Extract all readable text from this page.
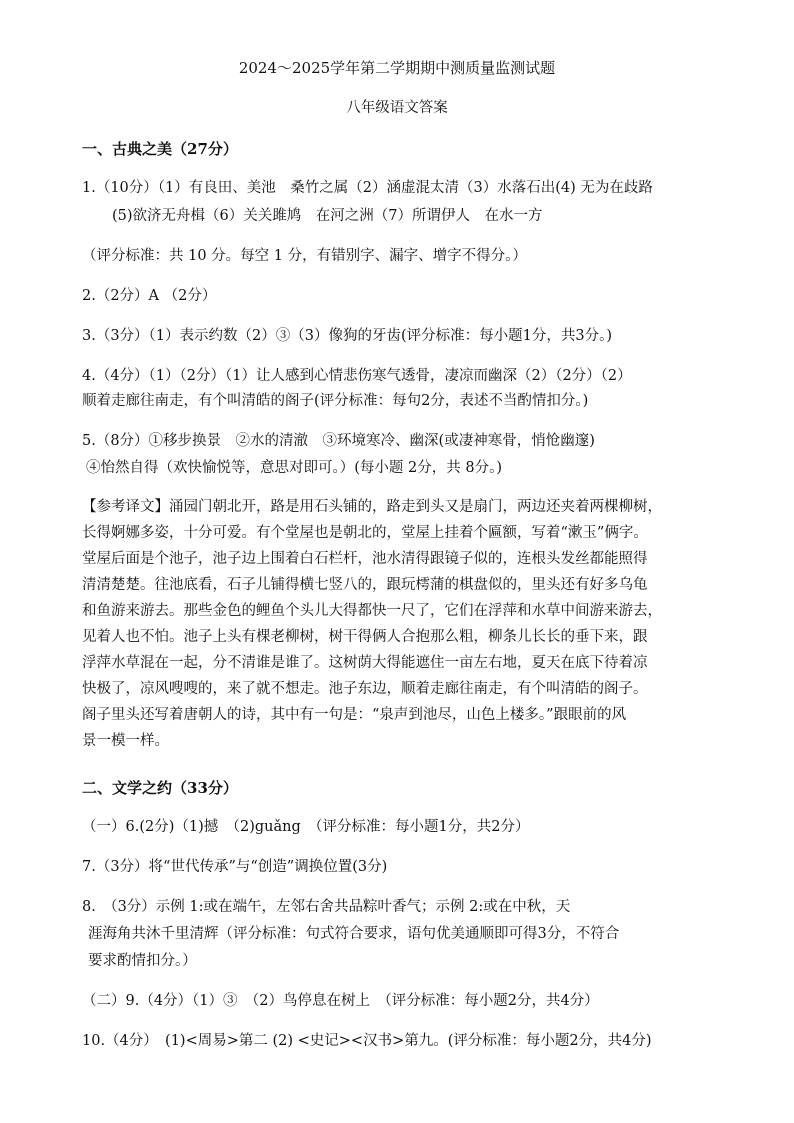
2024～2025学年第二学期期中测质量监测试题
八年级语文答案
一、古典之美（27分）
1.（10分）（1）有良田、美池　桑竹之属（2）涵虚混太清（3）水落石出(4) 无为在歧路
(5)欲济无舟楫（6）关关雎鸠　在河之洲（7）所谓伊人　在水一方
（评分标准：共 10 分。每空 1 分，有错别字、漏字、增字不得分。）
2.（2分）A （2分）
3.（3分）（1）表示约数（2）③（3）像狗的牙齿(评分标准：每小题1分，共3分。)
4.（4分）（1）（2分）（1）让人感到心情悲伤寒气透骨，凄凉而幽深（2）（2分）（2）
顺着走廊往南走，有个叫清皓的阁子(评分标准：每句2分，表述不当酌情扣分。)
5.（8分）①移步换景　②水的清澈　③环境寒冷、幽深(或凄神寒骨，悄怆幽邃)
④怡然自得（欢快愉悦等，意思对即可。）(每小题 2分，共 8分。)
【参考译文】涌园门朝北开，路是用石头铺的，路走到头又是扇门，两边还夹着两棵柳树，
长得婀娜多姿，十分可爱。有个堂屋也是朝北的，堂屋上挂着个匾额，写着“漱玉”俩字。
堂屋后面是个池子，池子边上围着白石栏杆，池水清得跟镜子似的，连根头发丝都能照得
清清楚楚。往池底看，石子儿铺得横七竖八的，跟玩樗蒲的棋盘似的，里头还有好多乌龟
和鱼游来游去。那些金色的鲤鱼个头儿大得都快一尺了，它们在浮萍和水草中间游来游去，
见着人也不怕。池子上头有棵老柳树，树干得俩人合抱那么粗，柳条儿长长的垂下来，跟
浮萍水草混在一起，分不清谁是谁了。这树荫大得能遮住一亩左右地，夏天在底下待着凉
快极了，凉风嗖嗖的，来了就不想走。池子东边，顺着走廊往南走，有个叫清皓的阁子。
阁子里头还写着唐朝人的诗，其中有一句是：“泉声到池尽，山色上楼多。”跟眼前的风
景一模一样。
二、文学之约（33分）
（一）6.(2分)（1)撼　（2)guǎng　（评分标准：每小题1分，共2分）
7.（3分）将“世代传承”与“创造”调换位置(3分)
8.　（3分）示例 1:或在端午，左邻右舍共品粽叶香气；示例 2:或在中秋，天
涯海角共沐千里清辉（评分标准：句式符合要求，语句优美通顺即可得3分，不符合
要求酌情扣分。）
（二）9.（4分）（1）③　（2）鸟停息在树上　（评分标准：每小题2分，共4分）
10.（4分）　(1)<周易>第二 (2) <史记><汉书>第九。(评分标准：每小题2分，共4分)
